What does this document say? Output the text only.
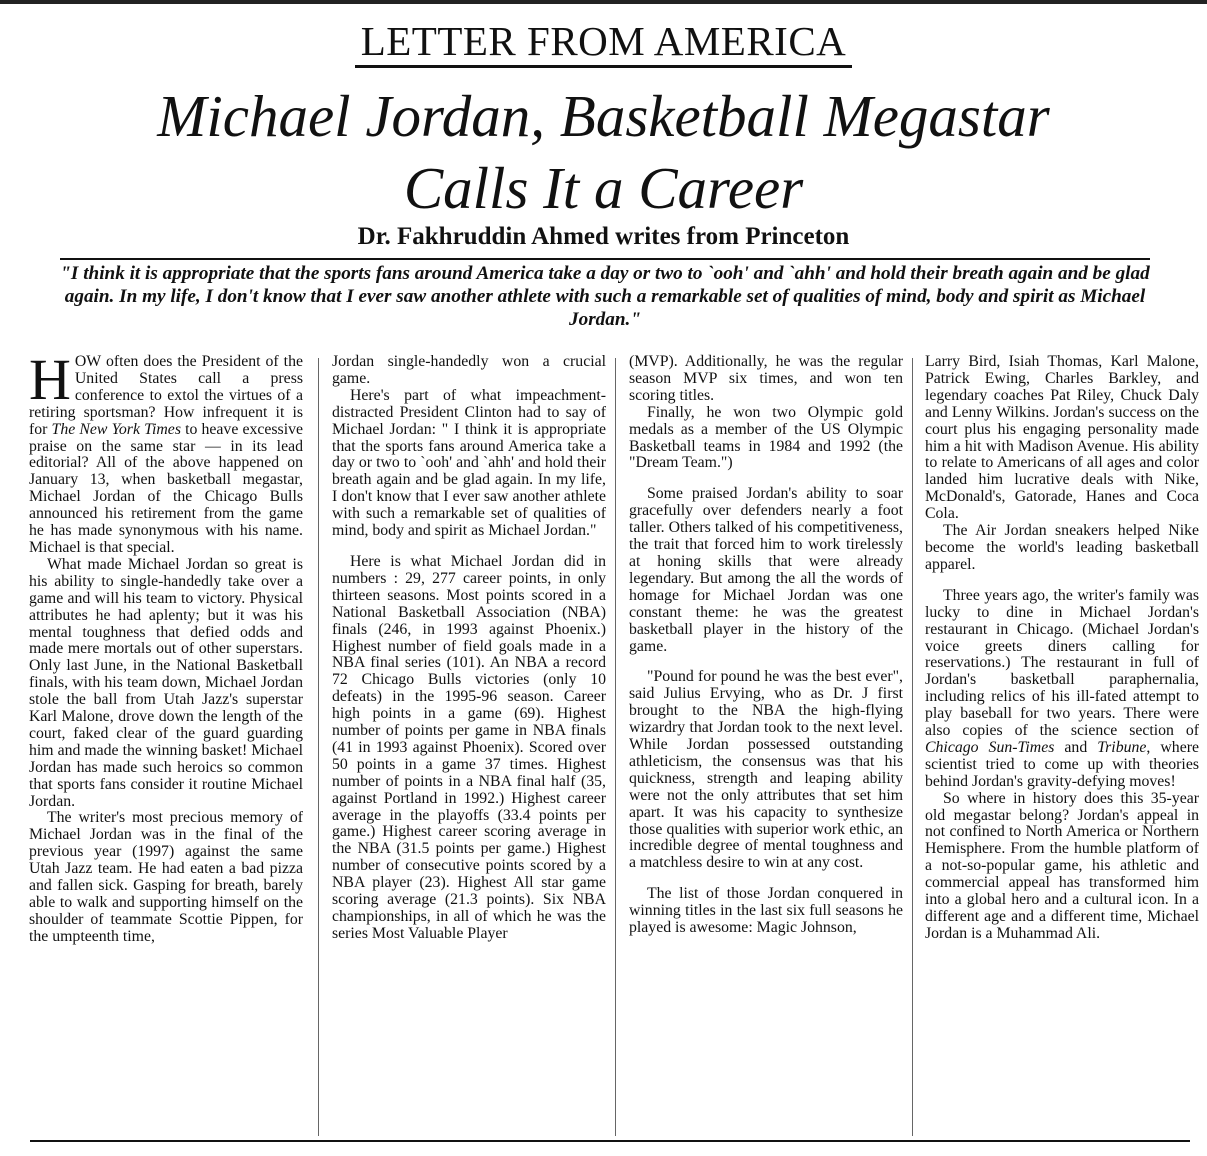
LETTER FROM AMERICA
Michael Jordan, Basketball Megastar
Calls It a Career
Dr. Fakhruddin Ahmed writes from Princeton
"I think it is appropriate that the sports fans around America take a day or two to `ooh' and `ahh' and hold their breath again and be glad again. In my life, I don't know that I ever saw another athlete with such a remarkable set of qualities of mind, body and spirit as Michael Jordan."

HOW often does the President of the United States call a press conference to extol the virtues of a retiring sportsman? How infrequent it is for The New York Times to heave excessive praise on the same star — in its lead editorial? All of the above happened on January 13, when basketball megastar, Michael Jordan of the Chicago Bulls announced his retirement from the game he has made synonymous with his name. Michael is that special.

What made Michael Jordan so great is his ability to single-handedly take over a game and will his team to victory. Physical attributes he had aplenty; but it was his mental toughness that defied odds and made mere mortals out of other superstars. Only last June, in the National Basketball finals, with his team down, Michael Jordan stole the ball from Utah Jazz's superstar Karl Malone, drove down the length of the court, faked clear of the guard guarding him and made the winning basket! Michael Jordan has made such heroics so common that sports fans consider it routine Michael Jordan.

The writer's most precious memory of Michael Jordan was in the final of the previous year (1997) against the same Utah Jazz team. He had eaten a bad pizza and fallen sick. Gasping for breath, barely able to walk and supporting himself on the shoulder of teammate Scottie Pippen, for the umpteenth time,

Jordan single-handedly won a crucial game.

Here's part of what impeachment-distracted President Clinton had to say of Michael Jordan: " I think it is appropriate that the sports fans around America take a day or two to `ooh' and `ahh' and hold their breath again and be glad again. In my life, I don't know that I ever saw another athlete with such a remarkable set of qualities of mind, body and spirit as Michael Jordan."

Here is what Michael Jordan did in numbers : 29, 277 career points, in only thirteen seasons. Most points scored in a National Basketball Association (NBA) finals (246, in 1993 against Phoenix.) Highest number of field goals made in a NBA final series (101). An NBA a record 72 Chicago Bulls victories (only 10 defeats) in the 1995-96 season. Career high points in a game (69). Highest number of points per game in NBA finals (41 in 1993 against Phoenix). Scored over 50 points in a game 37 times. Highest number of points in a NBA final half (35, against Portland in 1992.) Highest career average in the playoffs (33.4 points per game.) Highest career scoring average in the NBA (31.5 points per game.) Highest number of consecutive points scored by a NBA player (23). Highest All star game scoring average (21.3 points). Six NBA championships, in all of which he was the series Most Valuable Player

(MVP). Additionally, he was the regular season MVP six times, and won ten scoring titles.

Finally, he won two Olympic gold medals as a member of the US Olympic Basketball teams in 1984 and 1992 (the "Dream Team.")

Some praised Jordan's ability to soar gracefully over defenders nearly a foot taller. Others talked of his competitiveness, the trait that forced him to work tirelessly at honing skills that were already legendary. But among the all the words of homage for Michael Jordan was one constant theme: he was the greatest basketball player in the history of the game.

"Pound for pound he was the best ever", said Julius Ervying, who as Dr. J first brought to the NBA the high-flying wizardry that Jordan took to the next level. While Jordan possessed outstanding athleticism, the consensus was that his quickness, strength and leaping ability were not the only attributes that set him apart. It was his capacity to synthesize those qualities with superior work ethic, an incredible degree of mental toughness and a matchless desire to win at any cost.

The list of those Jordan conquered in winning titles in the last six full seasons he played is awesome: Magic Johnson,

Larry Bird, Isiah Thomas, Karl Malone, Patrick Ewing, Charles Barkley, and legendary coaches Pat Riley, Chuck Daly and Lenny Wilkins. Jordan's success on the court plus his engaging personality made him a hit with Madison Avenue. His ability to relate to Americans of all ages and color landed him lucrative deals with Nike, McDonald's, Gatorade, Hanes and Coca Cola.

The Air Jordan sneakers helped Nike become the world's leading basketball apparel.

Three years ago, the writer's family was lucky to dine in Michael Jordan's restaurant in Chicago. (Michael Jordan's voice greets diners calling for reservations.) The restaurant in full of Jordan's basketball paraphernalia, including relics of his ill-fated attempt to play baseball for two years. There were also copies of the science section of Chicago Sun-Times and Tribune, where scientist tried to come up with theories behind Jordan's gravity-defying moves!

So where in history does this 35-year old megastar belong? Jordan's appeal in not confined to North America or Northern Hemisphere. From the humble platform of a not-so-popular game, his athletic and commercial appeal has transformed him into a global hero and a cultural icon. In a different age and a different time, Michael Jordan is a Muhammad Ali.
